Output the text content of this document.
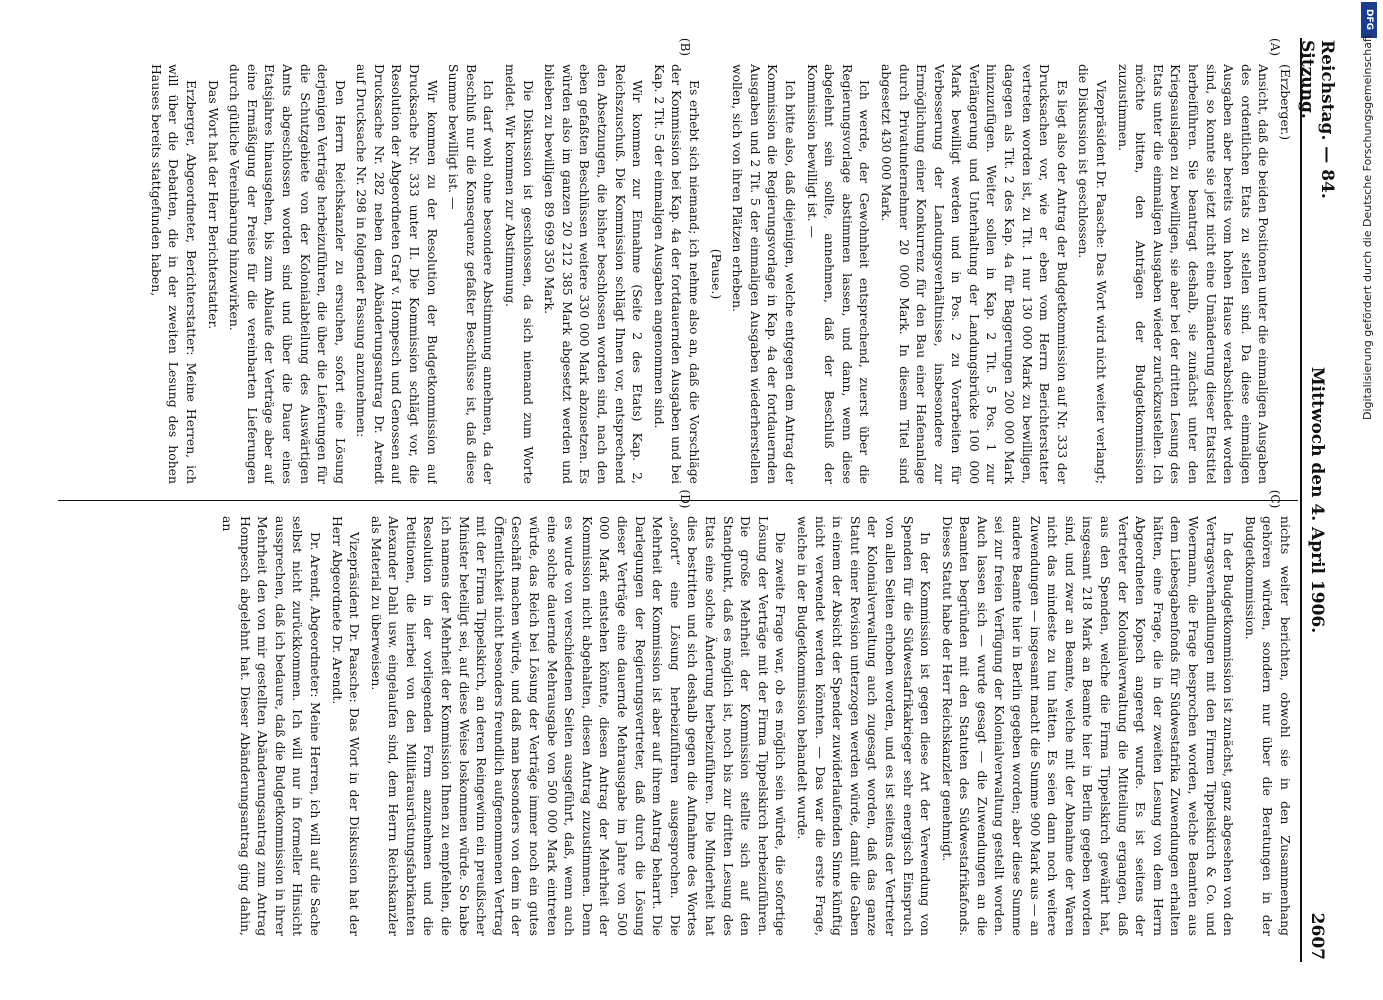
Reichstag. — 84. Sitzung.
Mittwoch den 4. April 1906.
2607
(A)
(B)
(C)
(D)

(Erzberger.)

Ansicht, daß die beiden Positionen unter die einmaligen Ausgaben des ordentlichen Etats zu stellen sind. Da diese einmaligen Ausgaben aber bereits vom hohen Hause verabschiedet worden sind, so konnte sie jetzt nicht eine Umänderung dieser Etatstitel herbeiführen. Sie beantragt deshalb, sie zunächst unter den Kriegsauslagen zu bewilligen, sie aber bei der dritten Lesung des Etats unter die einmaligen Ausgaben wieder zurückzustellen. Ich möchte bitten, den Anträgen der Budgetkommission zuzustimmen.

Vizepräsident Dr. Paasche: Das Wort wird nicht weiter verlangt; die Diskussion ist geschlossen.

Es liegt also der Antrag der Budgetkommission auf Nr. 333 der Drucksachen vor, wie er eben vom Herrn Berichterstatter vertreten worden ist, zu Tit. 1 nur 130 000 Mark zu bewilligen, dagegen als Tit. 2 des Kap. 4a für Baggerungen 200 000 Mark hinzuzufügen. Weiter sollen in Kap. 2 Tit. 5 Pos. 1 zur Verlängerung und Unterhaltung der Landungsbrücke 100 000 Mark bewilligt werden und in Pos. 2 zu Vorarbeiten für Verbesserung der Landungsverhältnisse, insbesondere zur Ermöglichung einer Konkurrenz für den Bau einer Hafenanlage durch Privatunternehmer 20 000 Mark. In diesem Titel sind abgesetzt 430 000 Mark.

Ich werde, der Gewohnheit entsprechend, zuerst über die Regierungsvorlage abstimmen lassen, und dann, wenn diese abgelehnt sein sollte, annehmen, daß der Beschluß der Kommission bewilligt ist. —

Ich bitte also, daß diejenigen, welche entgegen dem Antrag der Kommission die Regierungsvorlage in Kap. 4a der fortdauernden Ausgaben und 2 Tit. 5 der einmaligen Ausgaben wiederherstellen wollen, sich von ihren Plätzen erheben.

(Pause.)

Es erhebt sich niemand; ich nehme also an, daß die Vorschläge der Kommission bei Kap. 4a der fortdauernden Ausgaben und bei Kap. 2 Tit. 5 der einmaligen Ausgaben angenommen sind.

Wir kommen zur Einnahme (Seite 2 des Etats) Kap. 2, Reichszuschuß. Die Kommission schlägt Ihnen vor, entsprechend den Absetzungen, die bisher beschlossen worden sind, nach den eben gefaßten Beschlüssen weitere 330 000 Mark abzusetzen. Es würden also im ganzen 20 212 385 Mark abgesetzt werden und blieben zu bewilligen 89 699 350 Mark.

Die Diskussion ist geschlossen, da sich niemand zum Worte meldet. Wir kommen zur Abstimmung.

Ich darf wohl ohne besondere Abstimmung annehmen, da der Beschluß nur die Konsequenz gefaßter Beschlüsse ist, daß diese Summe bewilligt ist. —

Wir kommen zu der Resolution der Budgetkommission auf Drucksache Nr. 333 unter II. Die Kommission schlägt vor, die Resolution der Abgeordneten Graf v. Hompesch und Genossen auf Drucksache Nr. 282 neben dem Abänderungsantrag Dr. Arendt auf Drucksache Nr. 298 in folgender Fassung anzunehmen:

Den Herrn Reichskanzler zu ersuchen, sofort eine Lösung derjenigen Verträge herbeizuführen, die über die Lieferungen für die Schutzgebiete von der Kolonialabteilung des Auswärtigen Amts abgeschlossen worden sind und über die Dauer eines Etatsjahres hinausgehen, bis zum Ablaufe der Verträge aber auf eine Ermäßigung der Preise für die vereinbarten Lieferungen durch gütliche Vereinbarung hinzuwirken.

Das Wort hat der Herr Berichterstatter.

Erzberger, Abgeordneter, Berichterstatter: Meine Herren, ich will über die Debatten, die in der zweiten Lesung des hohen Hauses bereits stattgefunden haben,

nichts weiter berichten, obwohl sie in den Zusammenhang gehören würden, sondern nur über die Beratungen in der Budgetkommission.

In der Budgetkommission ist zunächst, ganz abgesehen von den Vertragsverhandlungen mit den Firmen Tippelskirch & Co. und Woermann, die Frage besprochen worden, welche Beamten aus dem Liebesgabenfonds für Südwestafrika Zuwendungen erhalten hätten, eine Frage, die in der zweiten Lesung von dem Herrn Abgeordneten Kopsch angeregt wurde. Es ist seitens der Vertreter der Kolonialverwaltung die Mitteilung ergangen, daß aus den Spenden, welche die Firma Tippelskirch gewährt hat, insgesamt 218 Mark an Beamte hier in Berlin gegeben worden sind, und zwar an Beamte, welche mit der Abnahme der Waren nicht das mindeste zu tun hätten. Es seien dann noch weitere Zuwendungen — insgesamt macht die Summe 900 Mark aus — an andere Beamte hier in Berlin gegeben worden; aber diese Summe sei zur freien Verfügung der Kolonialverwaltung gestellt worden. Auch lassen sich — wurde gesagt — die Zuwendungen an die Beamten begründen mit den Statuten des Südwestafrikafonds. Dieses Statut habe der Herr Reichskanzler genehmigt.

In der Kommission ist gegen diese Art der Verwendung von Spenden für die Südwestafrikakrieger sehr energisch Einspruch von allen Seiten erhoben worden, und es ist seitens der Vertreter der Kolonialverwaltung auch zugesagt worden, daß das ganze Statut einer Revision unterzogen werden würde, damit die Gaben in einem der Absicht der Spender zuwiderlaufenden Sinne künftig nicht verwendet werden könnten. — Das war die erste Frage, welche in der Budgetkommission behandelt wurde.

Die zweite Frage war, ob es möglich sein würde, die sofortige Lösung der Verträge mit der Firma Tippelskirch herbeizuführen. Die große Mehrheit der Kommission stellte sich auf den Standpunkt, daß es möglich ist, noch bis zur dritten Lesung des Etats eine solche Änderung herbeizuführen. Die Minderheit hat dies bestritten und sich deshalb gegen die Aufnahme des Wortes „sofort“ eine Lösung herbeizuführen ausgesprochen. Die Mehrheit der Kommission ist aber auf ihrem Antrag beharrt. Die Darlegungen der Regierungsvertreter, daß durch die Lösung dieser Verträge eine dauernde Mehrausgabe im Jahre von 500 000 Mark entstehen könnte, diesen Antrag der Mehrheit der Kommission nicht abgehalten, diesen Antrag zuzustimmen. Denn es wurde von verschiedenen Seiten ausgeführt, daß, wenn auch eine solche dauernde Mehrausgabe von 500 000 Mark eintreten würde, das Reich bei Lösung der Verträge immer noch ein gutes Geschäft machen würde, und daß man besonders von dem in der Öffentlichkeit nicht besonders freundlich aufgenommenen Vertrag mit der Firma Tippelskirch, an deren Reingewinn ein preußischer Minister beteiligt sei, auf diese Weise loskommen würde. So habe ich namens der Mehrheit der Kommission Ihnen zu empfehlen, die Resolution in der vorliegenden Form anzunehmen und die Petitionen, die hierbei von den Militärausrüstungsfabrikanten Alexander Dahl usw. eingelaufen sind, dem Herrn Reichskanzler als Material zu überweisen.

Vizepräsident Dr. Paasche: Das Wort in der Diskussion hat der Herr Abgeordnete Dr. Arendt.

Dr. Arendt, Abgeordneter: Meine Herren, ich will auf die Sache selbst nicht zurückkommen. Ich will nur in formeller Hinsicht aussprechen, daß ich bedaure, daß die Budgetkommission in ihrer Mehrheit den von mir gestellten Abänderungsantrag zum Antrag Hompesch abgelehnt hat. Dieser Abänderungsantrag ging dahin, an

DFG
Digitalisierung gefördert durch die Deutsche Forschungsgemeinschaft
